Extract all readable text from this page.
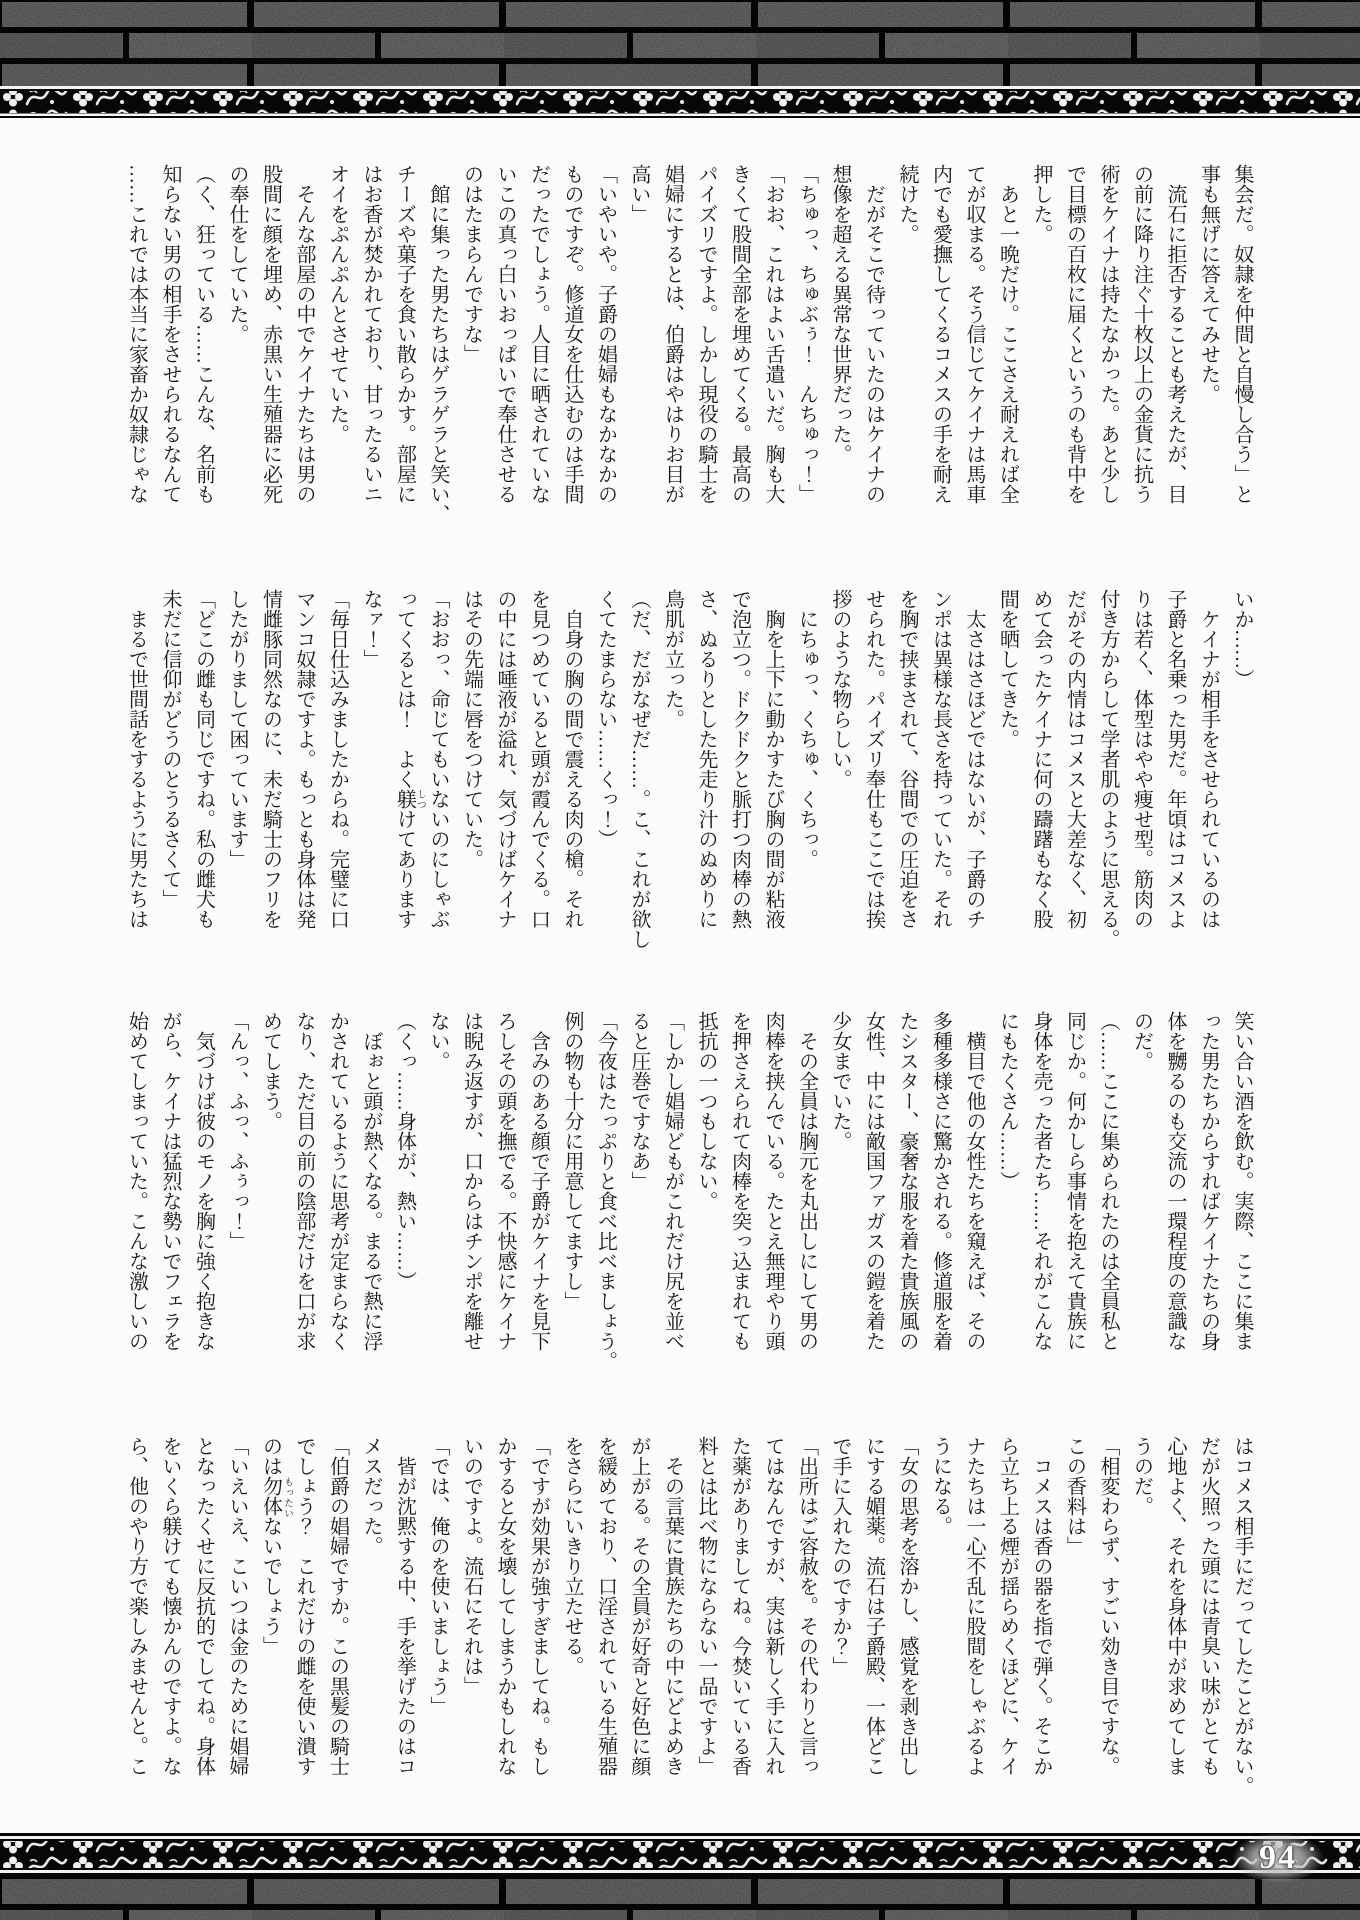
集会だ。奴隷を仲間と自慢し合う」と

事も無げに答えてみせた。

　流石に拒否することも考えたが、目

の前に降り注ぐ十枚以上の金貨に抗う

術をケイナは持たなかった。あと少し

で目標の百枚に届くというのも背中を

押した。

　あと一晩だけ。ここさえ耐えれば全

てが収まる。そう信じてケイナは馬車

内でも愛撫してくるコメスの手を耐え

続けた。

　だがそこで待っていたのはケイナの

想像を超える異常な世界だった。

「ちゅっ、ちゅぶぅ！　んちゅっ！」

「おお、これはよい舌遣いだ。胸も大

きくて股間全部を埋めてくる。最高の

パイズリですよ。しかし現役の騎士を

娼婦にするとは、伯爵はやはりお目が

高い」

「いやいや。子爵の娼婦もなかなかの

ものですぞ。修道女を仕込むのは手間

だったでしょう。人目に晒されていな

いこの真っ白いおっぱいで奉仕させる

のはたまらんですな」

　館に集った男たちはゲラゲラと笑い、

チーズや菓子を食い散らかす。部屋に

はお香が焚かれており、甘ったるいニ

オイをぷんぷんとさせていた。

　そんな部屋の中でケイナたちは男の

股間に顔を埋め、赤黒い生殖器に必死

の奉仕をしていた。

（く、狂っている……こんな、名前も

知らない男の相手をさせられるなんて

……これでは本当に家畜か奴隷じゃな

いか……）

　ケイナが相手をさせられているのは

子爵と名乗った男だ。年頃はコメスよ

りは若く、体型はやや痩せ型。筋肉の

付き方からして学者肌のように思える。

だがその内情はコメスと大差なく、初

めて会ったケイナに何の躊躇もなく股

間を晒してきた。

　太さはさほどではないが、子爵のチ

ンポは異様な長さを持っていた。それ

を胸で挟まされて、谷間での圧迫をさ

せられた。パイズリ奉仕もここでは挨

拶のような物らしい。

　にちゅっ、くちゅ、くちっ。

　胸を上下に動かすたび胸の間が粘液

で泡立つ。ドクドクと脈打つ肉棒の熱

さ、ぬるりとした先走り汁のぬめりに

鳥肌が立った。

（だ、だがなぜだ……。こ、これが欲し

くてたまらない……くっ！）

　自身の胸の間で震える肉の槍。それ

を見つめていると頭が霞んでくる。口

の中には唾液が溢れ、気づけばケイナ

はその先端に唇をつけていた。

「おおっ、命じてもいないのにしゃぶ

ってくるとは！　よく躾けてあります

なァ！」

「毎日仕込みましたからね。完璧に口

マンコ奴隷ですよ。もっとも身体は発

情雌豚同然なのに、未だ騎士のフリを

したがりまして困っています」

「どこの雌も同じですね。私の雌犬も

未だに信仰がどうのとうるさくて」

　まるで世間話をするように男たちは

笑い合い酒を飲む。実際、ここに集ま

った男たちからすればケイナたちの身

体を嬲るのも交流の一環程度の意識な

のだ。

（……ここに集められたのは全員私と

同じか。何かしら事情を抱えて貴族に

身体を売った者たち……それがこんな

にもたくさん……）

　横目で他の女性たちを窺えば、その

多種多様さに驚かされる。修道服を着

たシスター、豪奢な服を着た貴族風の

女性、中には敵国ファガスの鎧を着た

少女までいた。

　その全員は胸元を丸出しにして男の

肉棒を挟んでいる。たとえ無理やり頭

を押さえられて肉棒を突っ込まれても

抵抗の一つもしない。

「しかし娼婦どもがこれだけ尻を並べ

ると圧巻ですなあ」

「今夜はたっぷりと食べ比べましょう。

例の物も十分に用意してますし」

　含みのある顔で子爵がケイナを見下

ろしその頭を撫でる。不快感にケイナ

は睨み返すが、口からはチンポを離せ

ない。

（くっ……身体が、熱い……）

　ぼぉと頭が熱くなる。まるで熱に浮

かされているように思考が定まらなく

なり、ただ目の前の陰部だけを口が求

めてしまう。

「んっ、ふっ、ふぅっ！」

　気づけば彼のモノを胸に強く抱きな

がら、ケイナは猛烈な勢いでフェラを

始めてしまっていた。こんな激しいの

はコメス相手にだってしたことがない。

だが火照った頭には青臭い味がとても

心地よく、それを身体中が求めてしま

うのだ。

「相変わらず、すごい効き目ですな。

この香料は」

　コメスは香の器を指で弾く。そこか

ら立ち上る煙が揺らめくほどに、ケイ

ナたちは一心不乱に股間をしゃぶるよ

うになる。

「女の思考を溶かし、感覚を剥き出し

にする媚薬。流石は子爵殿、一体どこ

で手に入れたのですか？」

「出所はご容赦を。その代わりと言っ

てはなんですが、実は新しく手に入れ

た薬がありましてね。今焚いている香

料とは比べ物にならない一品ですよ」

　その言葉に貴族たちの中にどよめき

が上がる。その全員が好奇と好色に顔

を緩めており、口淫されている生殖器

をさらにいきり立たせる。

「ですが効果が強すぎましてね。もし

かすると女を壊してしまうかもしれな

いのですよ。流石にそれは」

「では、俺のを使いましょう」

　皆が沈黙する中、手を挙げたのはコ

メスだった。

「伯爵の娼婦ですか。この黒髪の騎士

でしょう？　これだけの雌を使い潰す

のは勿体ないでしょう」

「いえいえ、こいつは金のために娼婦

となったくせに反抗的でしてね。身体

をいくら躾けても懐かんのですよ。な

ら、他のやり方で楽しみませんと。こ

しつ
もったい
94
